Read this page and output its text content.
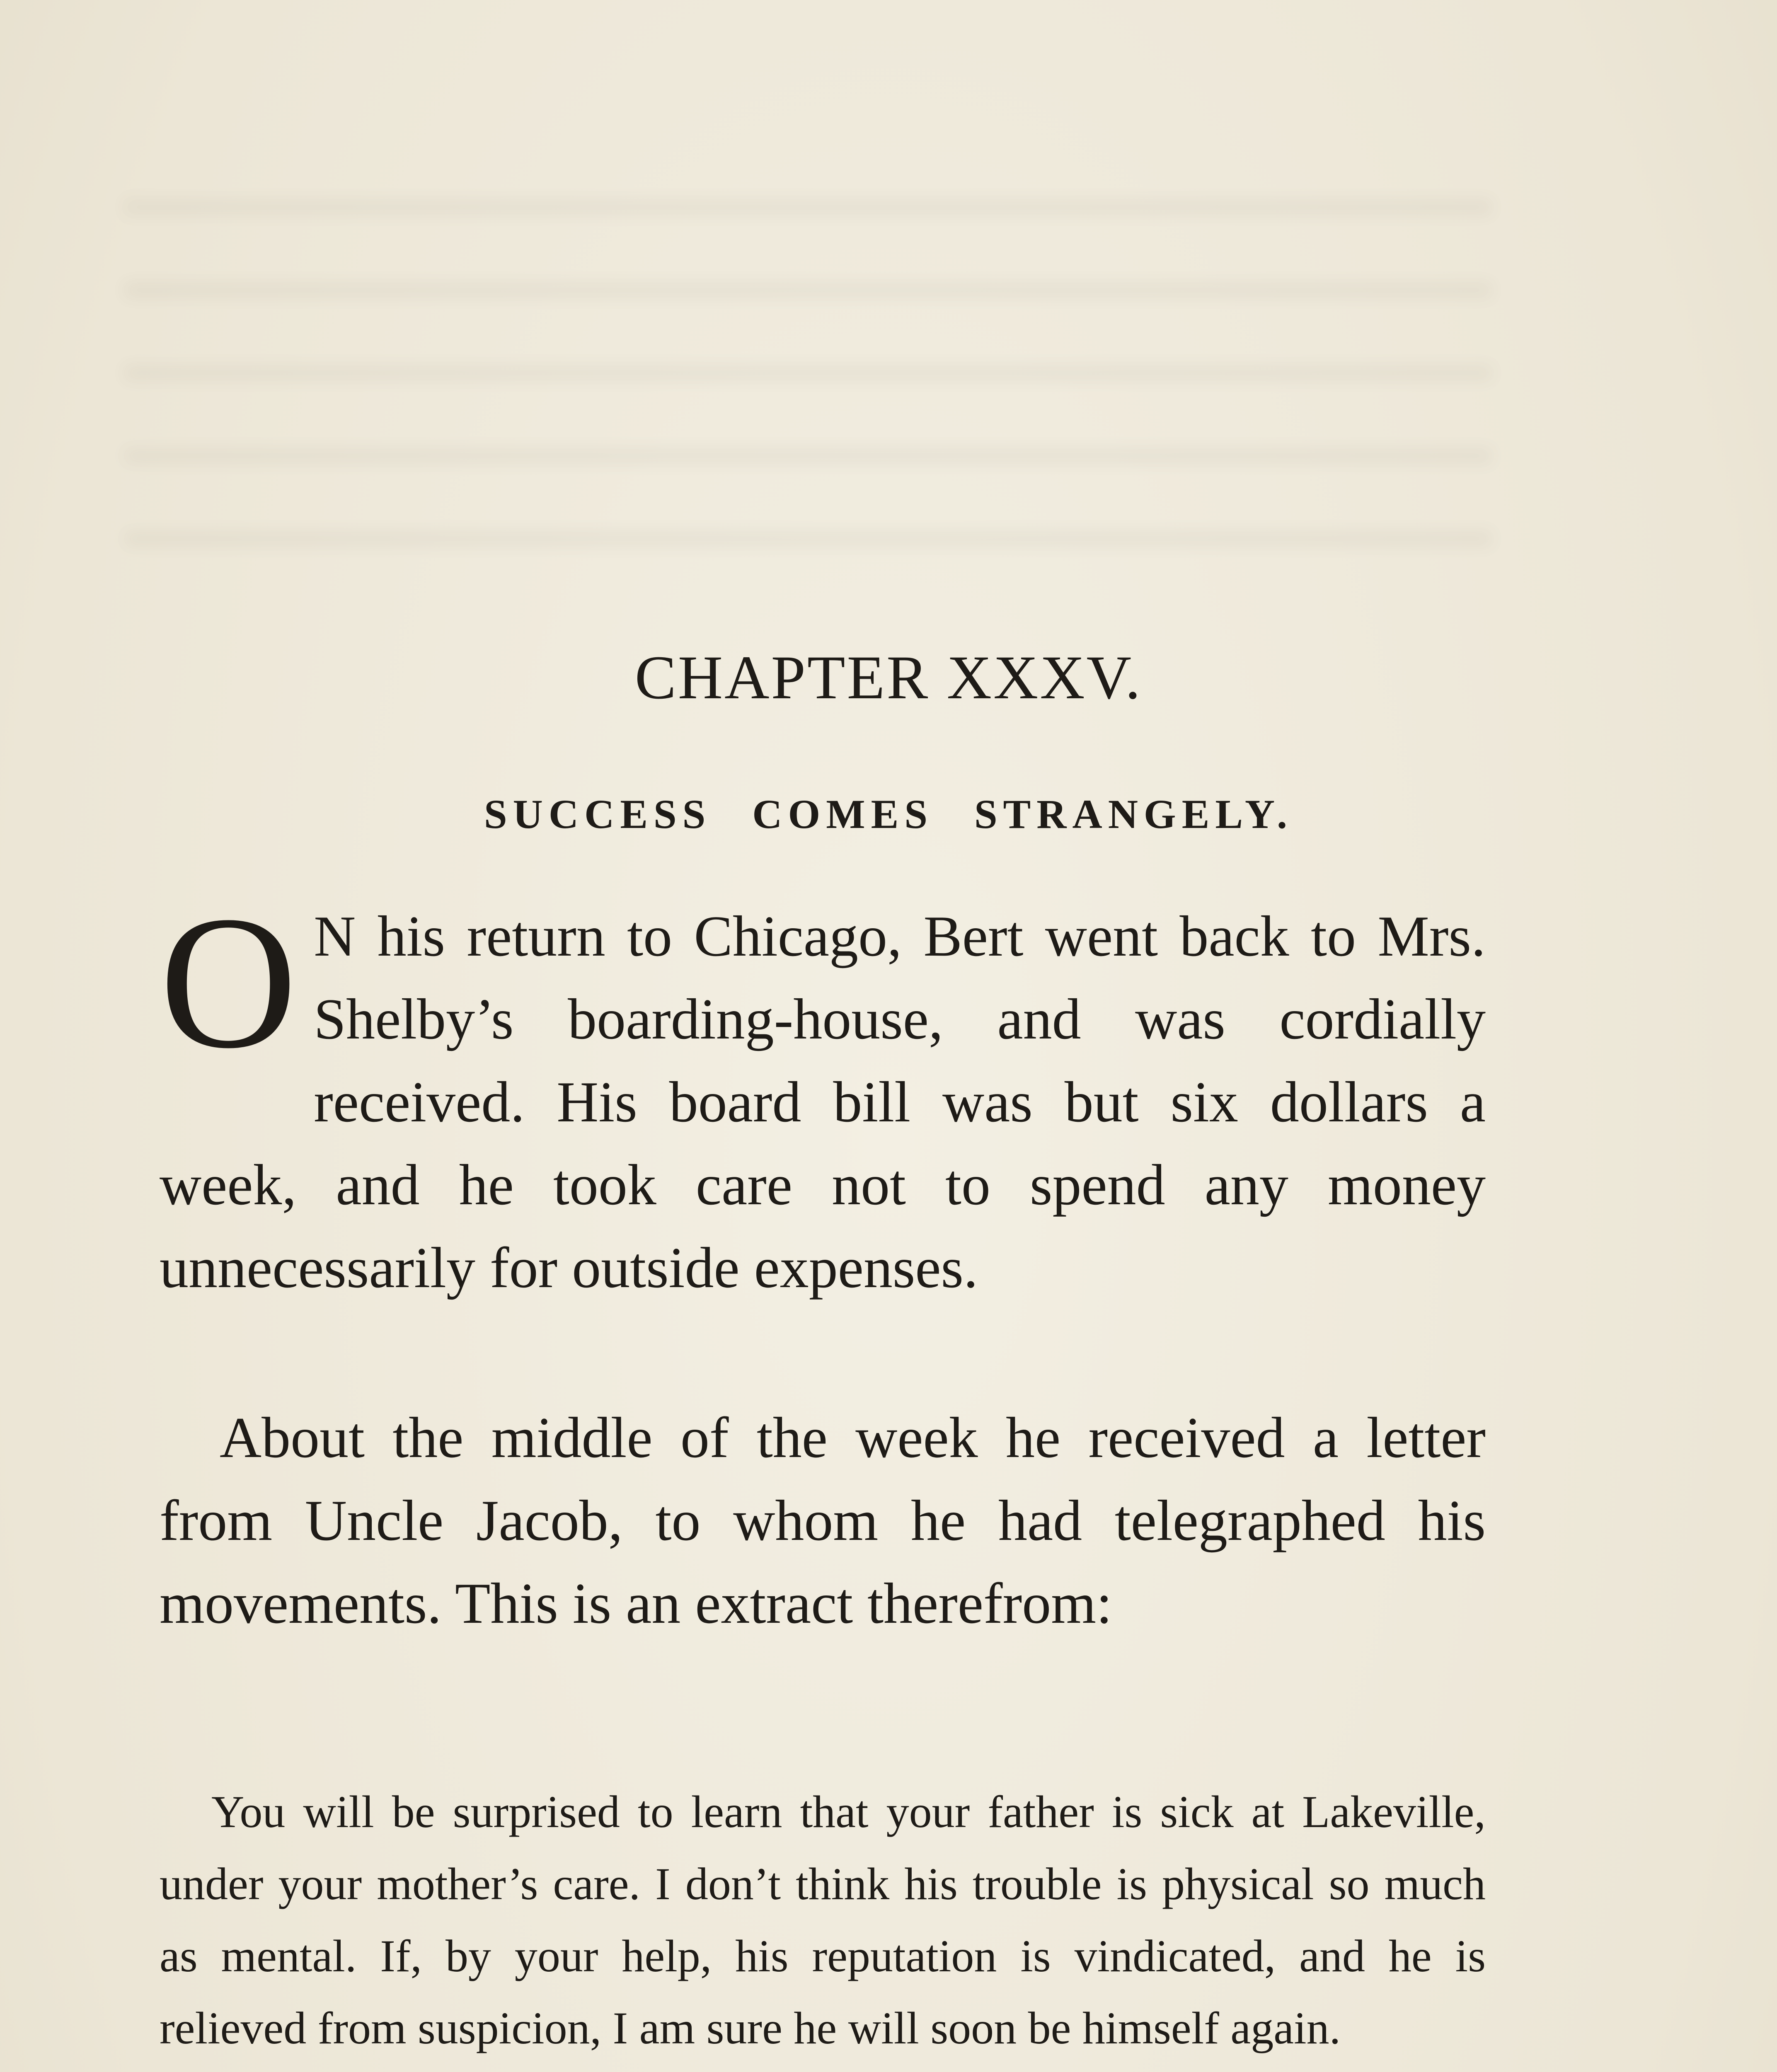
CHAPTER XXXV.
SUCCESS COMES STRANGELY.

O N his return to Chicago, Bert went back to Mrs. Shelby’s boarding-house, and was cordially received. His board bill was but six dollars a week, and he took care not to spend any money unnecessarily for outside expenses.

About the middle of the week he received a letter from Uncle Jacob, to whom he had telegraphed his movements. This is an extract therefrom:

You will be surprised to learn that your father is sick at Lakeville, under your mother’s care. I don’t think his trouble is physical so much as mental. If, by your help, his reputation is vindicated, and he is relieved from suspicion, I am sure he will soon be himself again.
